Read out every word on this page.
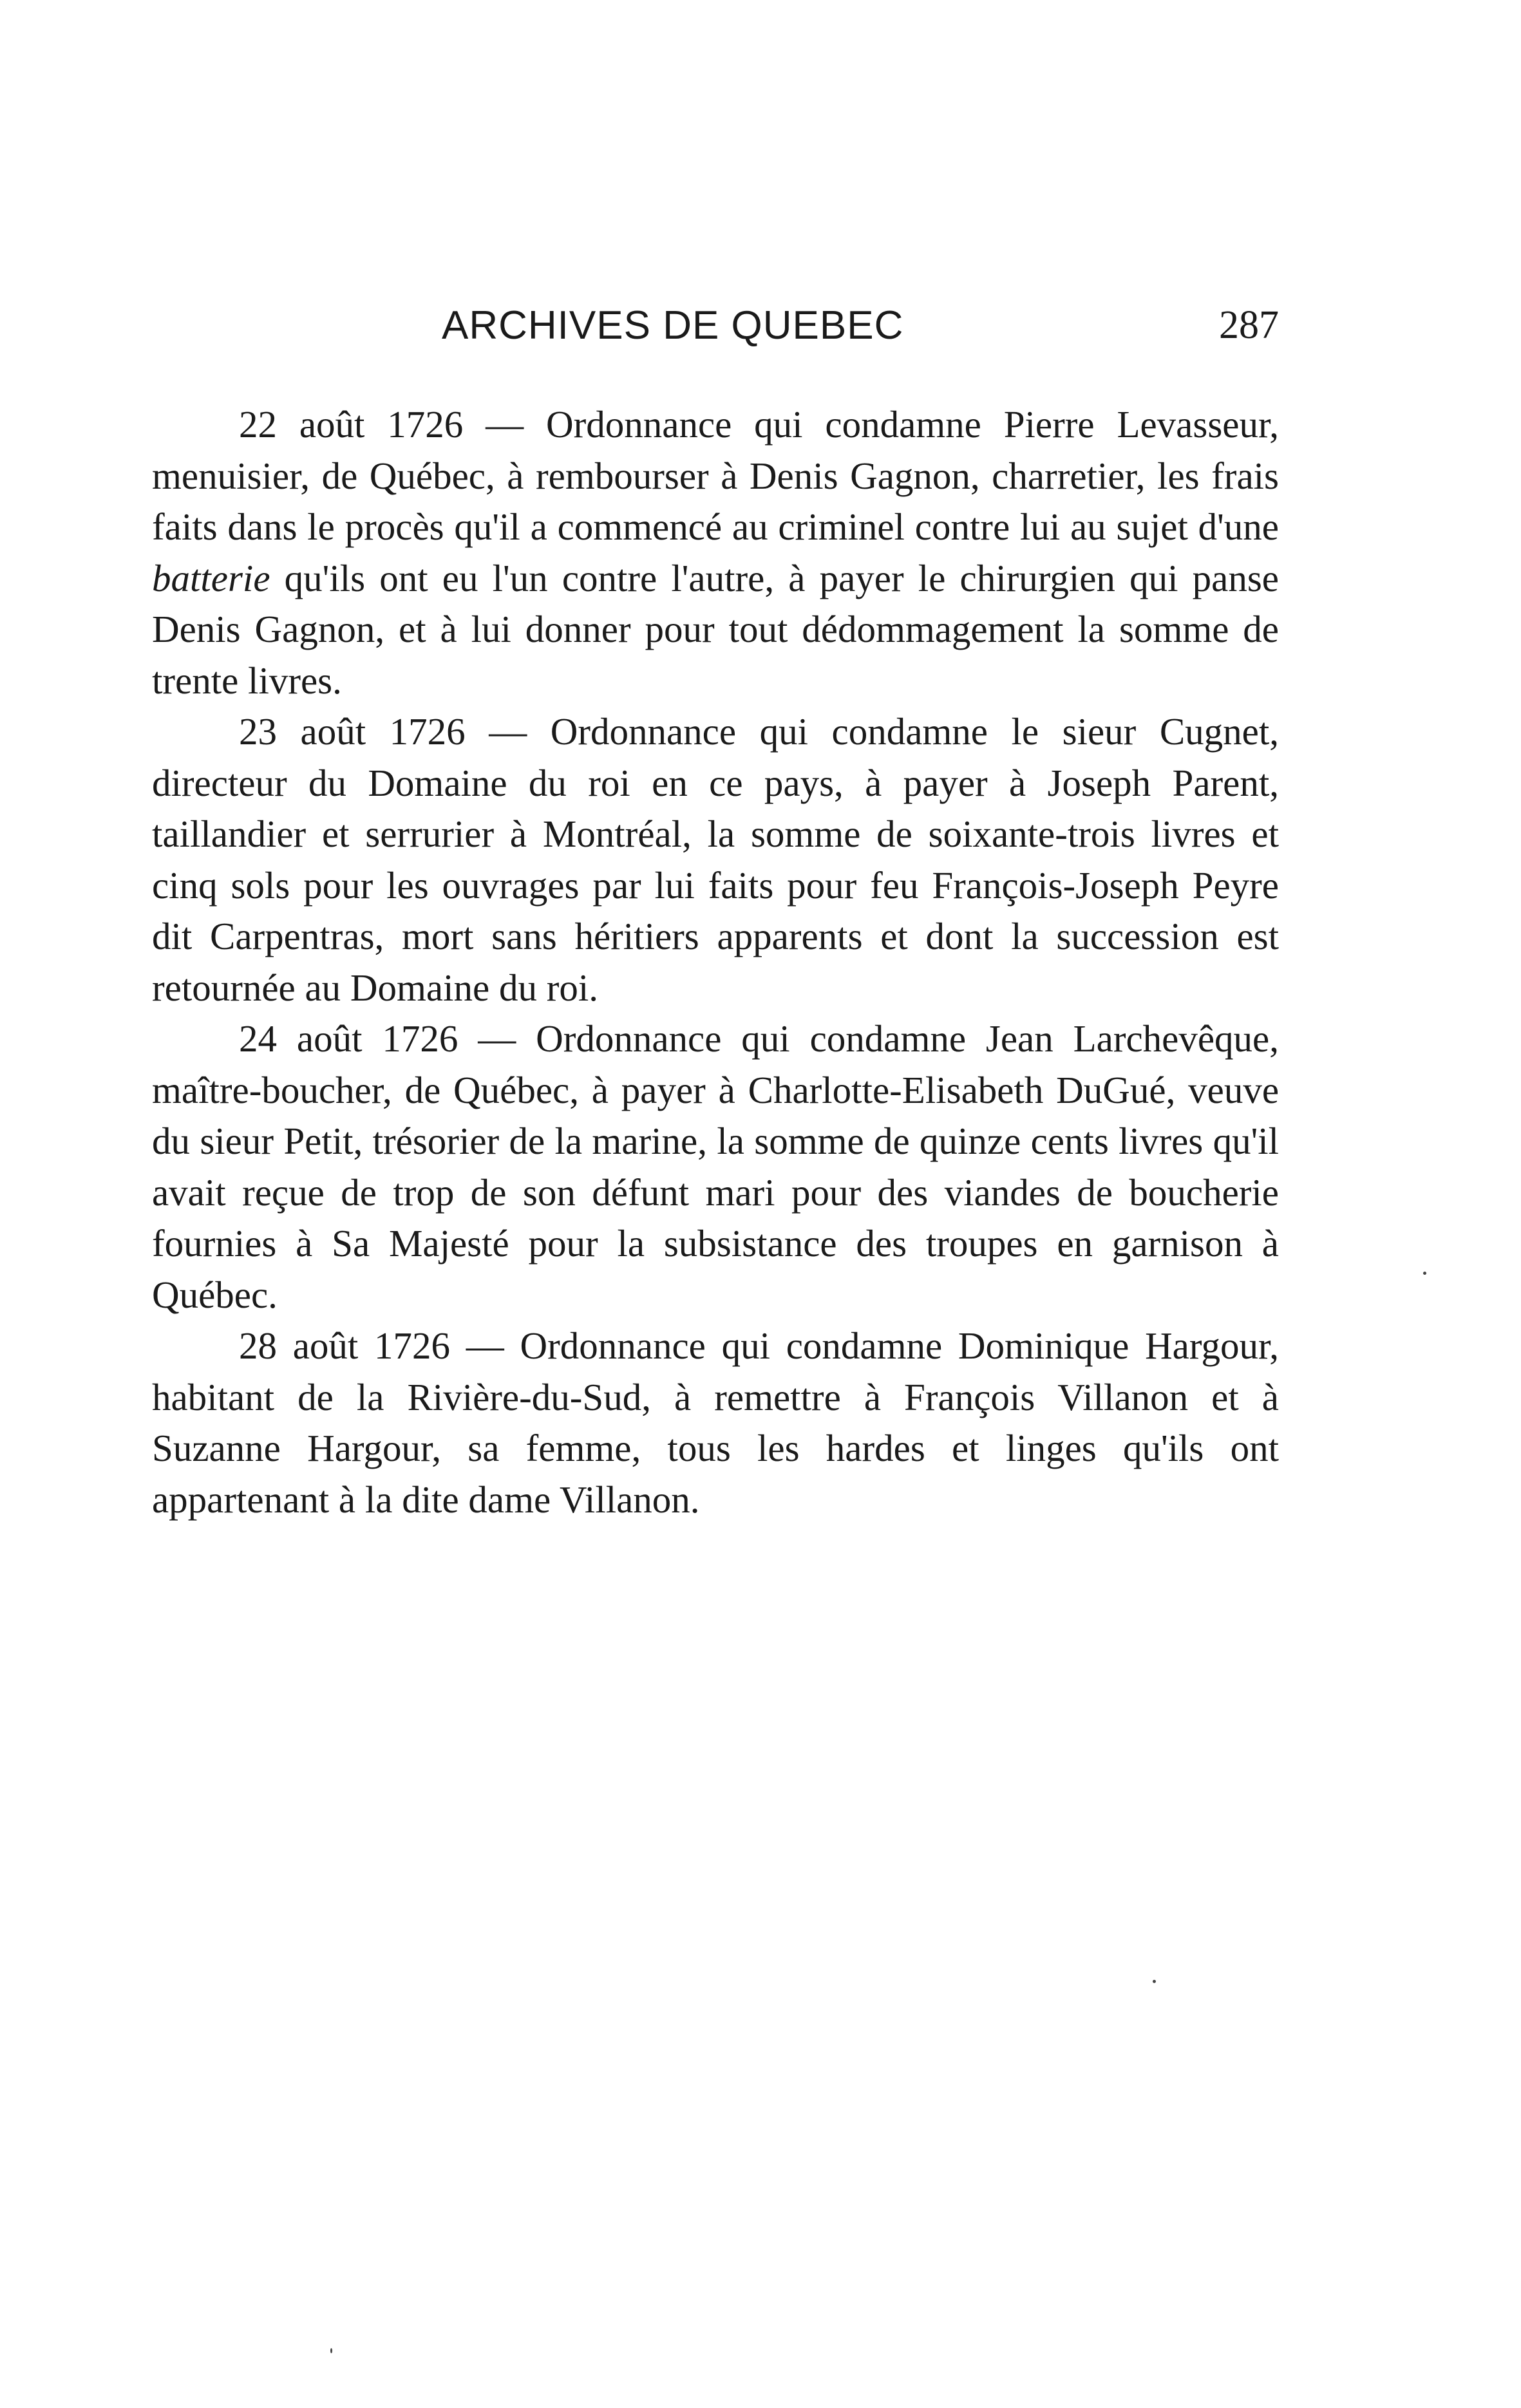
ARCHIVES DE QUEBEC	287

22 août 1726 — Ordonnance qui condamne Pierre Levasseur, menuisier, de Québec, à rembourser à Denis Gagnon, charretier, les frais faits dans le procès qu'il a commencé au criminel contre lui au sujet d'une batterie qu'ils ont eu l'un contre l'autre, à payer le chirurgien qui panse Denis Gagnon, et à lui donner pour tout dédommagement la somme de trente livres.

23 août 1726 — Ordonnance qui condamne le sieur Cugnet, directeur du Domaine du roi en ce pays, à payer à Joseph Parent, taillandier et serrurier à Montréal, la somme de soixante-trois livres et cinq sols pour les ouvrages par lui faits pour feu François-Joseph Peyre dit Carpentras, mort sans héritiers apparents et dont la succession est retournée au Domaine du roi.

24 août 1726 — Ordonnance qui condamne Jean Larchevêque, maître-boucher, de Québec, à payer à Charlotte-Elisabeth DuGué, veuve du sieur Petit, trésorier de la marine, la somme de quinze cents livres qu'il avait reçue de trop de son défunt mari pour des viandes de boucherie fournies à Sa Majesté pour la subsistance des troupes en garnison à Québec.

28 août 1726 — Ordonnance qui condamne Dominique Hargour, habitant de la Rivière-du-Sud, à remettre à François Villanon et à Suzanne Hargour, sa femme, tous les hardes et linges qu'ils ont appartenant à la dite dame Villanon.
